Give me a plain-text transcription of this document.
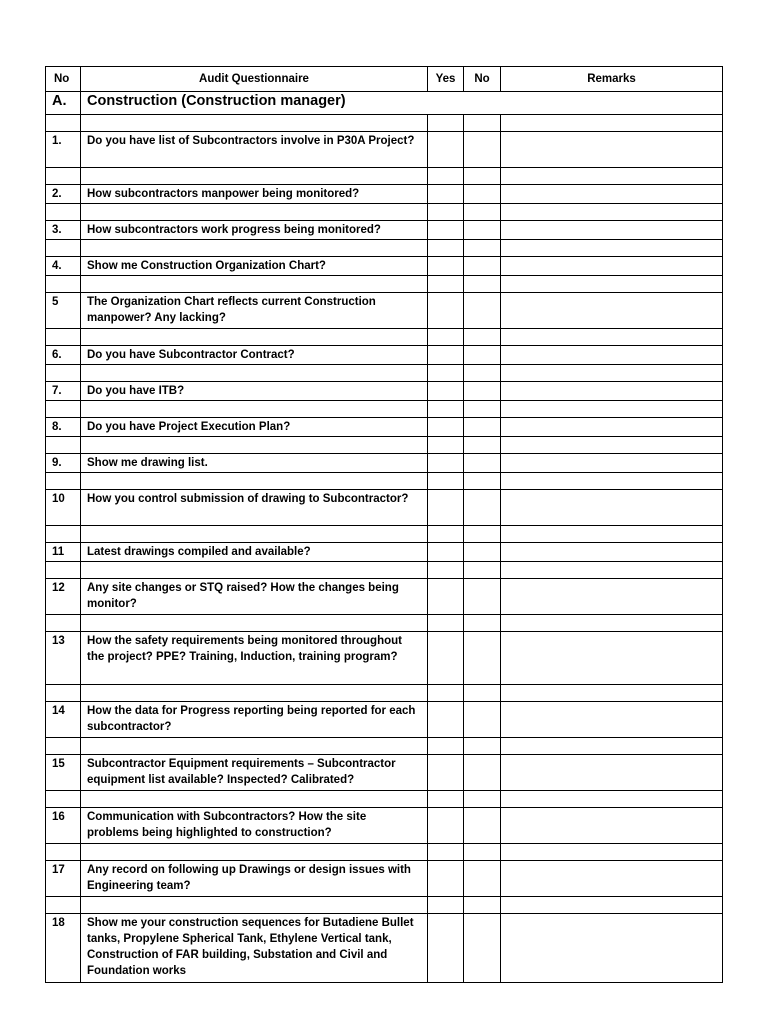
No	Audit Questionnaire	Yes	No	Remarks
A.	Construction (Construction manager)			

1.	Do you have list of Subcontractors involve in P30A Project?			

2.	How subcontractors manpower being monitored?			

3.	How subcontractors work progress being monitored?			

4.	Show me Construction Organization Chart?			

5	The Organization Chart reflects current Construction manpower? Any lacking?			

6.	Do you have Subcontractor Contract?			

7.	Do you have ITB?			

8.	Do you have Project Execution Plan?			

9.	Show me drawing list.			

10	How you control submission of drawing to Subcontractor?			

11	Latest drawings compiled and available?			

12	Any site changes or STQ raised? How the changes being monitor?			

13	How the safety requirements being monitored throughout the project? PPE? Training, Induction, training program?			

14	How the data for Progress reporting being reported for each subcontractor?			

15	Subcontractor Equipment requirements – Subcontractor equipment list available? Inspected? Calibrated?			

16	Communication with Subcontractors? How the site problems being highlighted to construction?			

17	Any record on following up Drawings or design issues with Engineering team?			

18	Show me your construction sequences for Butadiene Bullet tanks, Propylene Spherical Tank, Ethylene Vertical tank, Construction of FAR building, Substation and Civil and Foundation works			
